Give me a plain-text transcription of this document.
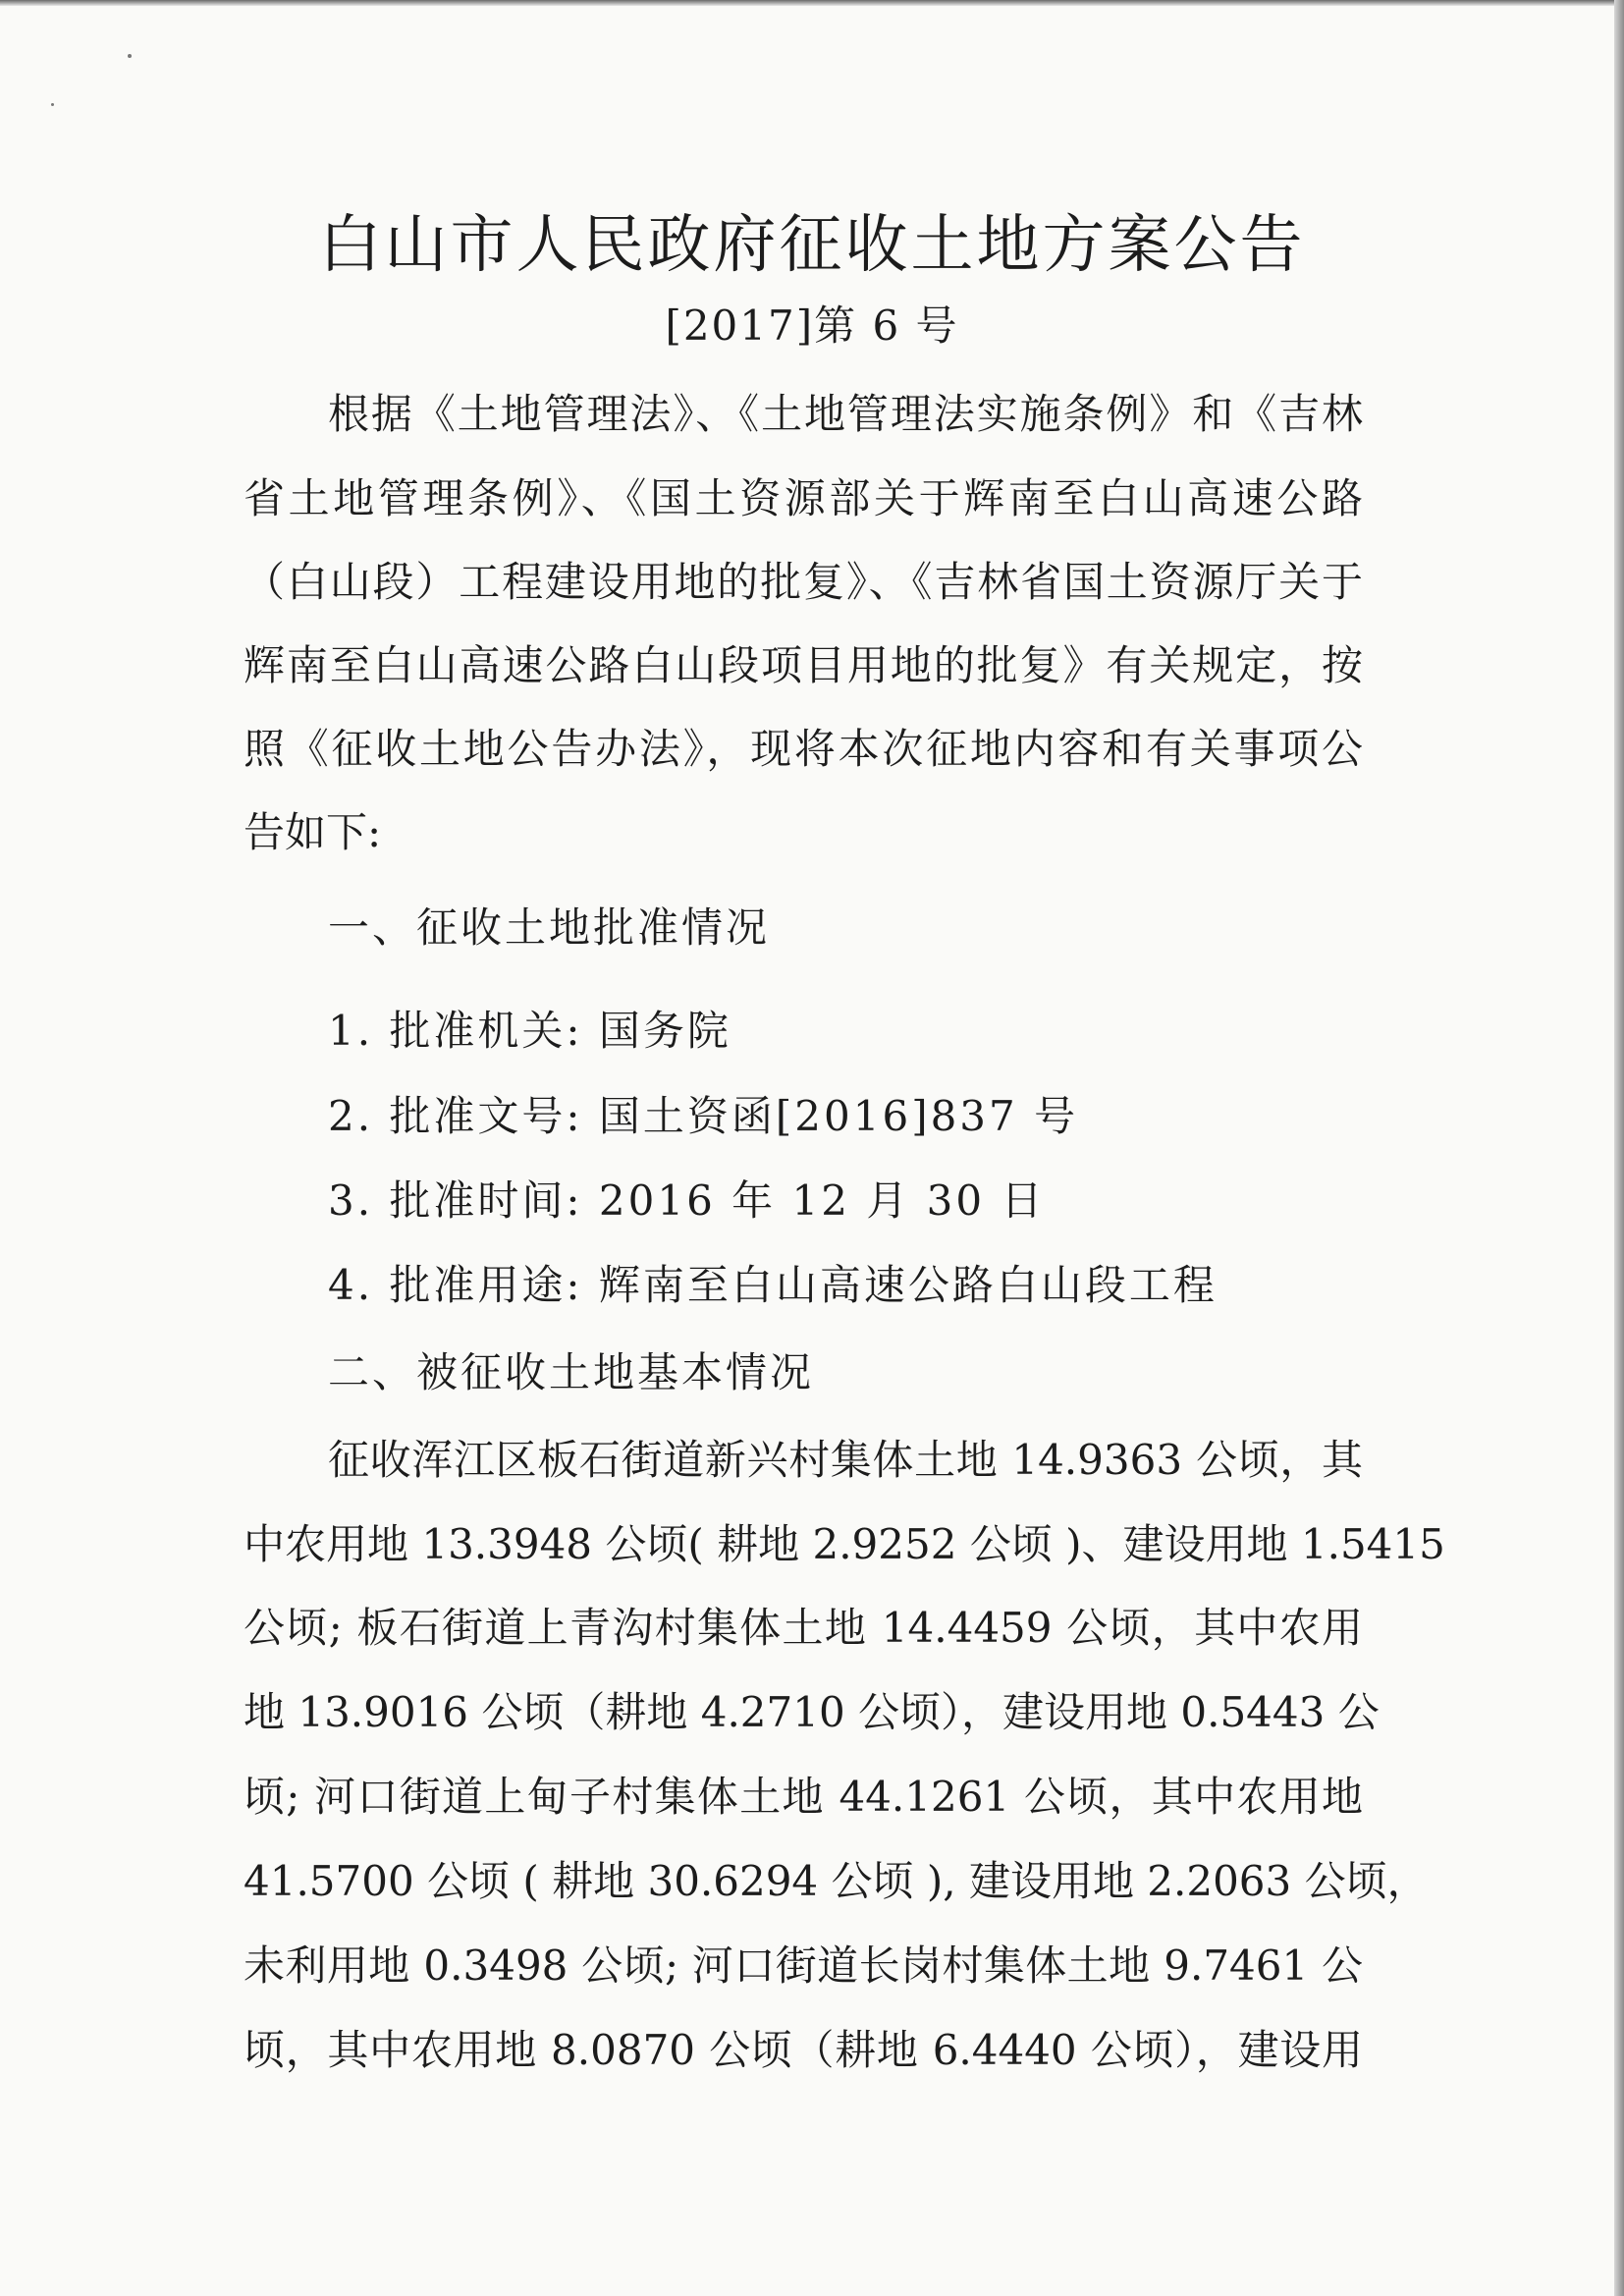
白山市人民政府征收土地方案公告
[2017]第 6 号
根据《土地管理法》、《土地管理法实施条例》和《吉林
省土地管理条例》、《国土资源部关于辉南至白山高速公路
（白山段）工程建设用地的批复》、《吉林省国土资源厅关于
辉南至白山高速公路白山段项目用地的批复》有关规定，按
照《征收土地公告办法》，现将本次征地内容和有关事项公
告如下:
一、征收土地批准情况
1. 批准机关: 国务院
2. 批准文号: 国土资函[2016]837 号
3. 批准时间: 2016 年 12 月 30 日
4. 批准用途: 辉南至白山高速公路白山段工程
二、被征收土地基本情况
征收浑江区板石街道新兴村集体土地 14.9363 公顷，其
中农用地 13.3948 公顷( 耕地 2.9252 公顷 )、建设用地 1.5415
公顷; 板石街道上青沟村集体土地 14.4459 公顷，其中农用
地 13.9016 公顷（耕地 4.2710 公顷），建设用地 0.5443 公
顷; 河口街道上甸子村集体土地 44.1261 公顷，其中农用地
41.5700 公顷 ( 耕地 30.6294 公顷 ), 建设用地 2.2063 公顷，
未利用地 0.3498 公顷; 河口街道长岗村集体土地 9.7461 公
顷，其中农用地 8.0870 公顷（耕地 6.4440 公顷），建设用
